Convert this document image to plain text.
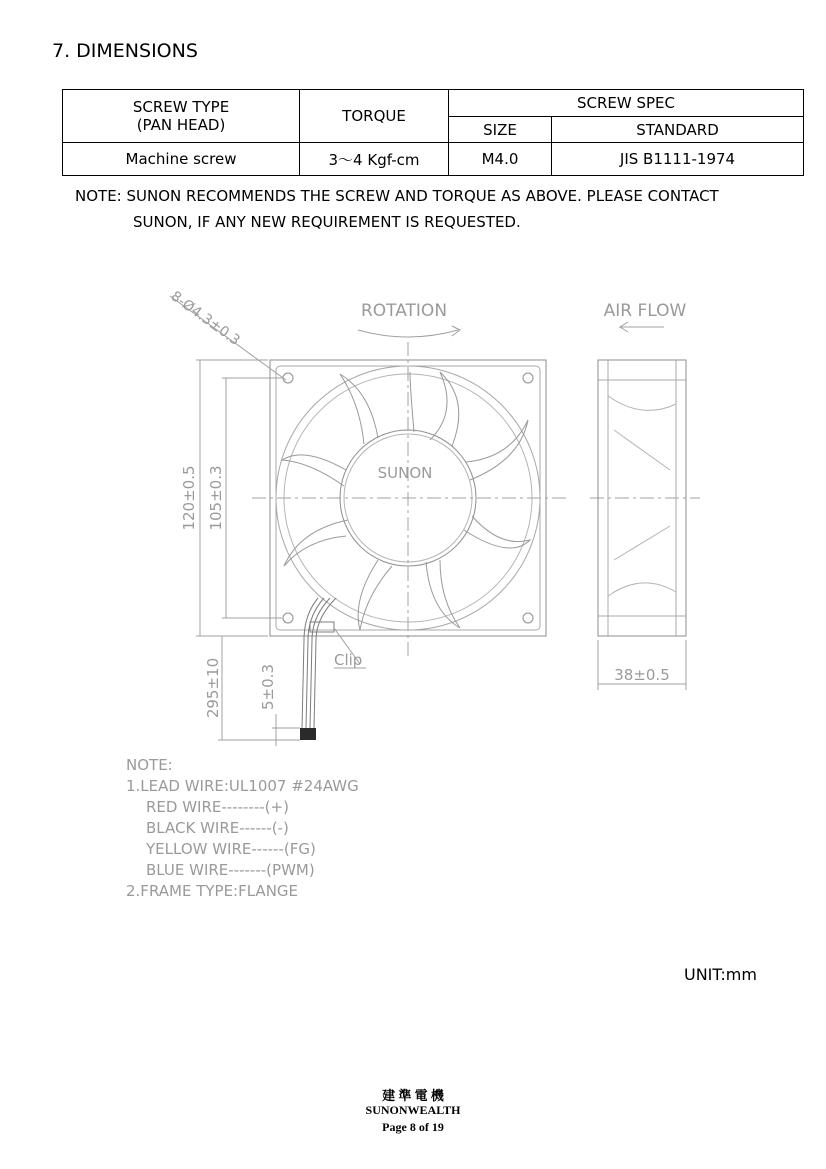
7. DIMENSIONS
SCREW TYPE
(PAN HEAD)	TORQUE	SCREW SPEC	
		SIZE	STANDARD
Machine screw	3～4 Kgf-cm	M4.0	JIS B1111-1974
NOTE: SUNON RECOMMENDS THE SCREW AND TORQUE AS ABOVE. PLEASE CONTACT
SUNON, IF ANY NEW REQUIREMENT IS REQUESTED.
ROTATION	AIR FLOW
SUNON
8-Ø4.3±0.3
120±0.5 105±0.3
38±0.5
295±10 5±0.3
Clip
NOTE:
1.LEAD WIRE:UL1007 #24AWG
RED WIRE--------(+)
BLACK WIRE------(-)
YELLOW WIRE------(FG)
BLUE WIRE-------(PWM)
2.FRAME TYPE:FLANGE
UNIT:mm
建 準 電 機
SUNONWEALTH
Page 8 of 19
